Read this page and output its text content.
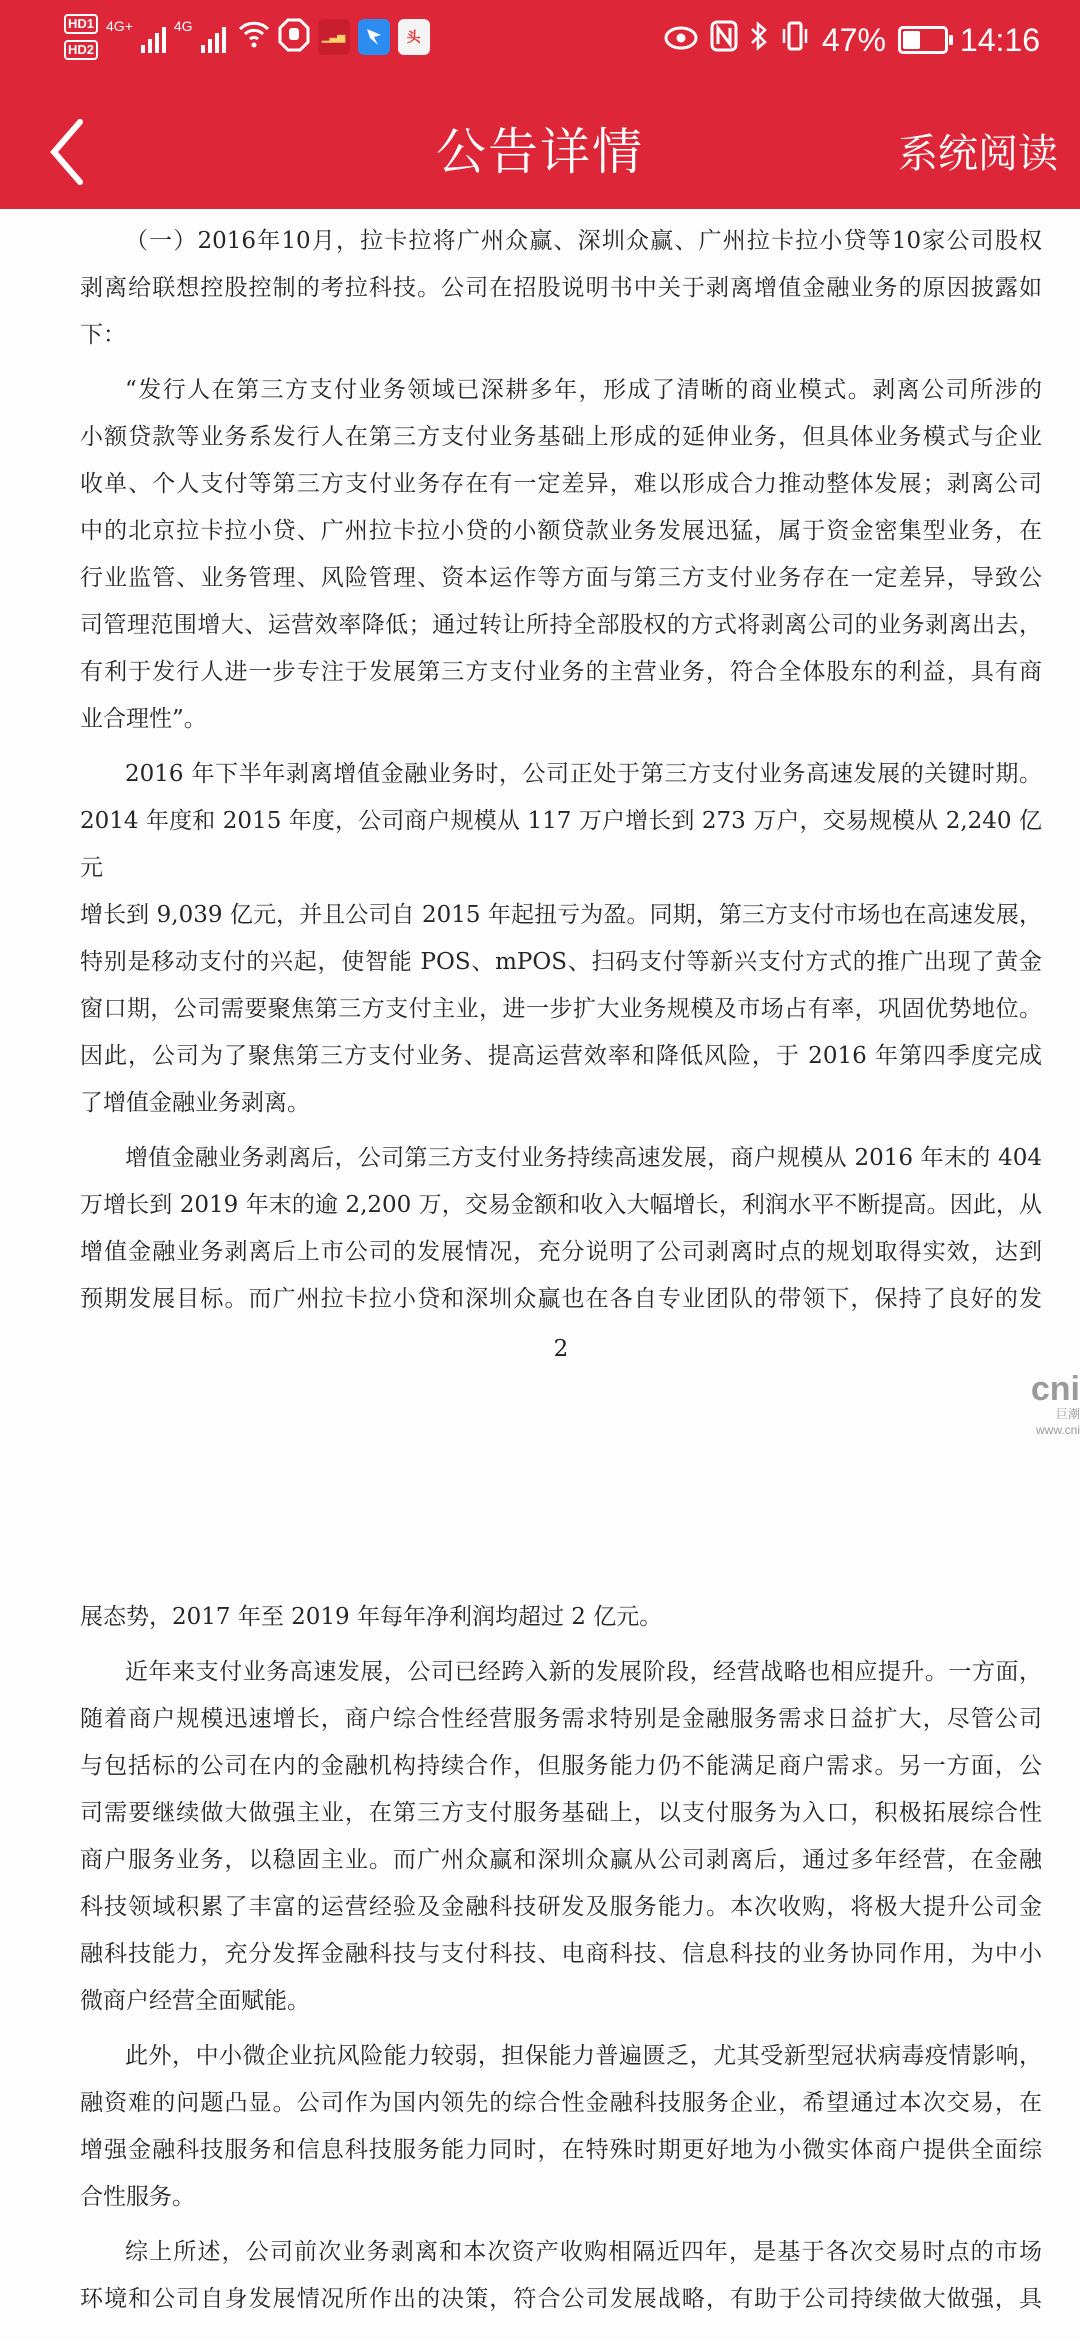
HD1
HD2
4G+	4G
▁▃▅	头	47% 14:16
公告详情	系统阅读
（一）2016年10月，拉卡拉将广州众赢、深圳众赢、广州拉卡拉小贷等10家公司股权
剥离给联想控股控制的考拉科技。公司在招股说明书中关于剥离增值金融业务的原因披露如
下：
“发行人在第三方支付业务领域已深耕多年，形成了清晰的商业模式。剥离公司所涉的
小额贷款等业务系发行人在第三方支付业务基础上形成的延伸业务，但具体业务模式与企业
收单、个人支付等第三方支付业务存在有一定差异，难以形成合力推动整体发展；剥离公司
中的北京拉卡拉小贷、广州拉卡拉小贷的小额贷款业务发展迅猛，属于资金密集型业务，在
行业监管、业务管理、风险管理、资本运作等方面与第三方支付业务存在一定差异，导致公
司管理范围增大、运营效率降低；通过转让所持全部股权的方式将剥离公司的业务剥离出去，
有利于发行人进一步专注于发展第三方支付业务的主营业务，符合全体股东的利益，具有商
业合理性”。
2016 年下半年剥离增值金融业务时，公司正处于第三方支付业务高速发展的关键时期。
2014 年度和 2015 年度，公司商户规模从 117 万户增长到 273 万户，交易规模从 2,240 亿元
增长到 9,039 亿元，并且公司自 2015 年起扭亏为盈。同期，第三方支付市场也在高速发展，
特别是移动支付的兴起，使智能 POS、mPOS、扫码支付等新兴支付方式的推广出现了黄金
窗口期，公司需要聚焦第三方支付主业，进一步扩大业务规模及市场占有率，巩固优势地位。
因此，公司为了聚焦第三方支付业务、提高运营效率和降低风险，于 2016 年第四季度完成
了增值金融业务剥离。
增值金融业务剥离后，公司第三方支付业务持续高速发展，商户规模从 2016 年末的 404
万增长到 2019 年末的逾 2,200 万，交易金额和收入大幅增长，利润水平不断提高。因此，从
增值金融业务剥离后上市公司的发展情况，充分说明了公司剥离时点的规划取得实效，达到
预期发展目标。而广州拉卡拉小贷和深圳众赢也在各自专业团队的带领下，保持了良好的发
2
cni
巨潮
www.cni
展态势，2017 年至 2019 年每年净利润均超过 2 亿元。
近年来支付业务高速发展，公司已经跨入新的发展阶段，经营战略也相应提升。一方面，
随着商户规模迅速增长，商户综合性经营服务需求特别是金融服务需求日益扩大，尽管公司
与包括标的公司在内的金融机构持续合作，但服务能力仍不能满足商户需求。另一方面，公
司需要继续做大做强主业，在第三方支付服务基础上，以支付服务为入口，积极拓展综合性
商户服务业务，以稳固主业。而广州众赢和深圳众赢从公司剥离后，通过多年经营，在金融
科技领域积累了丰富的运营经验及金融科技研发及服务能力。本次收购，将极大提升公司金
融科技能力，充分发挥金融科技与支付科技、电商科技、信息科技的业务协同作用，为中小
微商户经营全面赋能。
此外，中小微企业抗风险能力较弱，担保能力普遍匮乏，尤其受新型冠状病毒疫情影响，
融资难的问题凸显。公司作为国内领先的综合性金融科技服务企业，希望通过本次交易，在
增强金融科技服务和信息科技服务能力同时，在特殊时期更好地为小微实体商户提供全面综
合性服务。
综上所述，公司前次业务剥离和本次资产收购相隔近四年，是基于各次交易时点的市场
环境和公司自身发展情况所作出的决策，符合公司发展战略，有助于公司持续做大做强，具
